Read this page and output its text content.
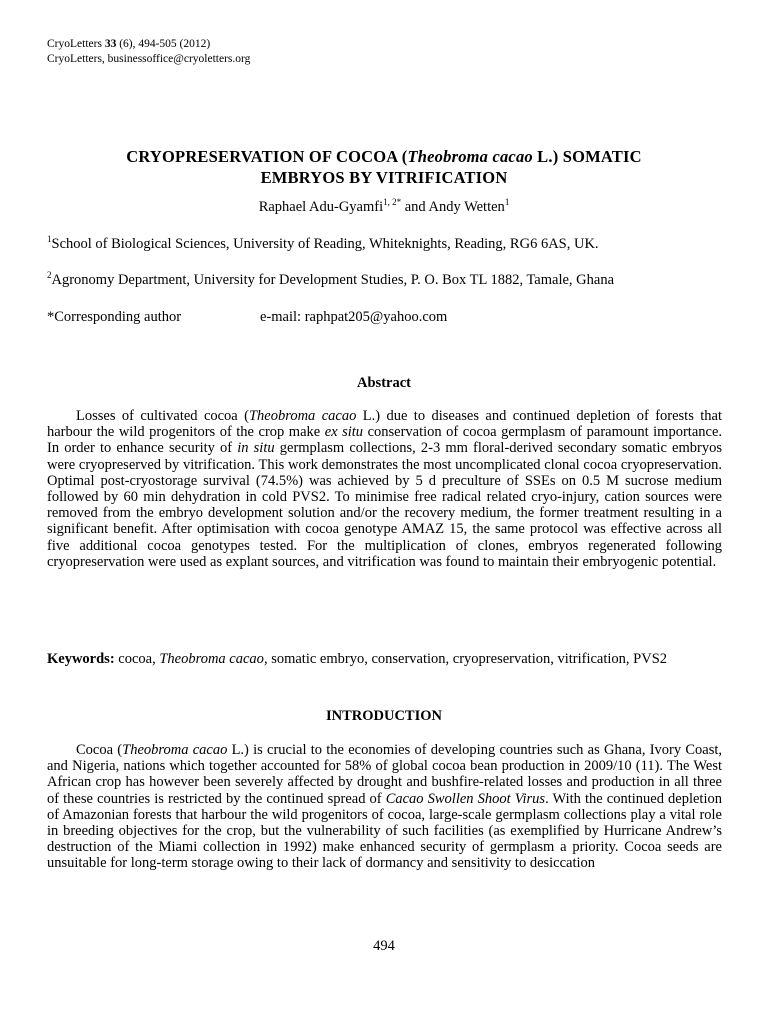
CryoLetters 33 (6), 494-505 (2012)
CryoLetters, businessoffice@cryoletters.org
CRYOPRESERVATION OF COCOA (Theobroma cacao L.) SOMATIC
EMBRYOS BY VITRIFICATION
Raphael Adu-Gyamfi$^{1, 2*}$ and Andy Wetten$^1$
$^1$School of Biological Sciences, University of Reading, Whiteknights, Reading, RG6 6AS, UK.
$^2$Agronomy Department, University for Development Studies, P. O. Box TL 1882, Tamale, Ghana
*Corresponding author	e-mail: raphpat205@yahoo.com
Abstract

Losses of cultivated cocoa (Theobroma cacao L.) due to diseases and continued depletion of forests that harbour the wild progenitors of the crop make ex situ conservation of cocoa germplasm of paramount importance. In order to enhance security of in situ germplasm collections, 2-3 mm floral-derived secondary somatic embryos were cryopreserved by vitrification. This work demonstrates the most uncomplicated clonal cocoa cryopreservation. Optimal post-cryostorage survival (74.5%) was achieved by 5 d preculture of SSEs on 0.5 M sucrose medium followed by 60 min dehydration in cold PVS2. To minimise free radical related cryo-injury, cation sources were removed from the embryo development solution and/or the recovery medium, the former treatment resulting in a significant benefit. After optimisation with cocoa genotype AMAZ 15, the same protocol was effective across all five additional cocoa genotypes tested. For the multiplication of clones, embryos regenerated following cryopreservation were used as explant sources, and vitrification was found to maintain their embryogenic potential.

Keywords: cocoa, Theobroma cacao, somatic embryo, conservation, cryopreservation, vitrification, PVS2
INTRODUCTION

Cocoa (Theobroma cacao L.) is crucial to the economies of developing countries such as Ghana, Ivory Coast, and Nigeria, nations which together accounted for 58% of global cocoa bean production in 2009/10 (11). The West African crop has however been severely affected by drought and bushfire-related losses and production in all three of these countries is restricted by the continued spread of Cacao Swollen Shoot Virus. With the continued depletion of Amazonian forests that harbour the wild progenitors of cocoa, large-scale germplasm collections play a vital role in breeding objectives for the crop, but the vulnerability of such facilities (as exemplified by Hurricane Andrew’s destruction of the Miami collection in 1992) make enhanced security of germplasm a priority. Cocoa seeds are unsuitable for long-term storage owing to their lack of dormancy and sensitivity to desiccation

494
